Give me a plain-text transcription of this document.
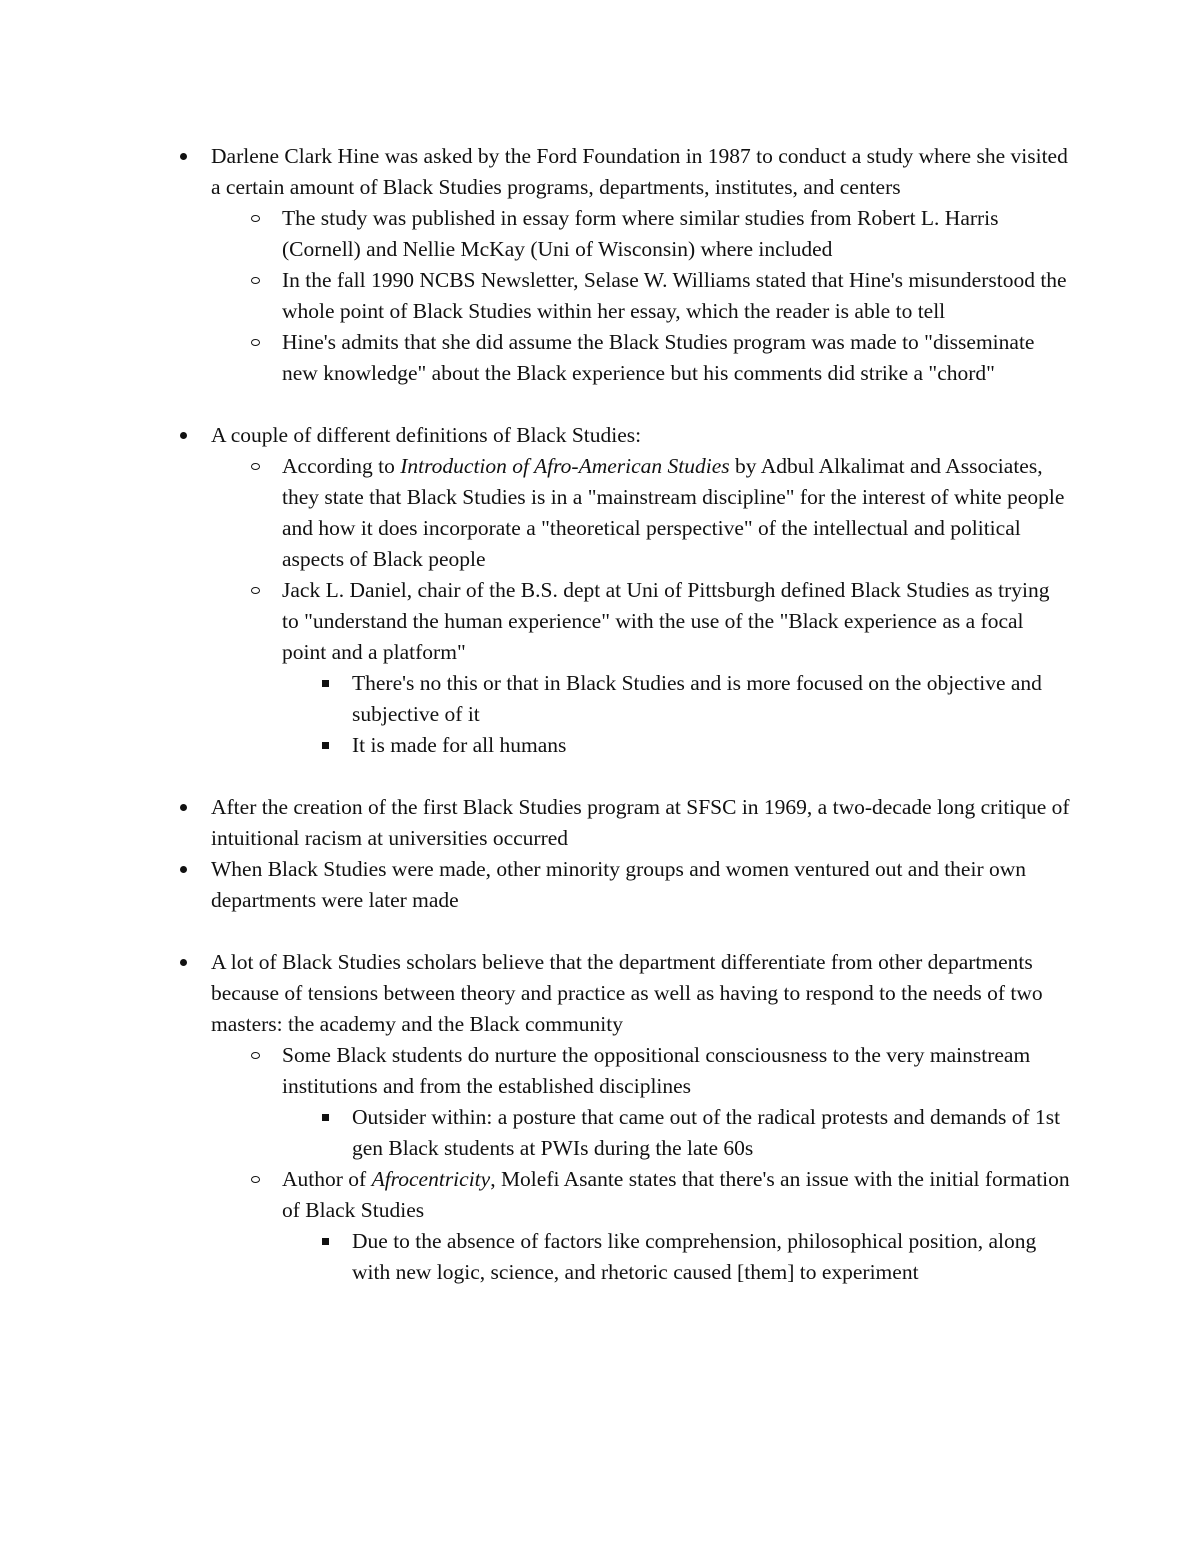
Darlene Clark Hine was asked by the Ford Foundation in 1987 to conduct a study where she visited a certain amount of Black Studies programs, departments, institutes, and centers
The study was published in essay form where similar studies from Robert L. Harris (Cornell) and Nellie McKay (Uni of Wisconsin) where included
In the fall 1990 NCBS Newsletter, Selase W. Williams stated that Hine's misunderstood the whole point of Black Studies within her essay, which the reader is able to tell
Hine's admits that she did assume the Black Studies program was made to "disseminate new knowledge" about the Black experience but his comments did strike a "chord"
A couple of different definitions of Black Studies:
According to Introduction of Afro-American Studies by Adbul Alkalimat and Associates, they state that Black Studies is in a "mainstream discipline" for the interest of white people and how it does incorporate a "theoretical perspective" of the intellectual and political aspects of Black people
Jack L. Daniel, chair of the B.S. dept at Uni of Pittsburgh defined Black Studies as trying to "understand the human experience" with the use of the "Black experience as a focal point and a platform"
There's no this or that in Black Studies and is more focused on the objective and subjective of it
It is made for all humans
After the creation of the first Black Studies program at SFSC in 1969, a two-decade long critique of intuitional racism at universities occurred
When Black Studies were made, other minority groups and women ventured out and their own departments were later made
A lot of Black Studies scholars believe that the department differentiate from other departments because of tensions between theory and practice as well as having to respond to the needs of two masters: the academy and the Black community
Some Black students do nurture the oppositional consciousness to the very mainstream institutions and from the established disciplines
Outsider within: a posture that came out of the radical protests and demands of 1st gen Black students at PWIs during the late 60s
Author of Afrocentricity, Molefi Asante states that there's an issue with the initial formation of Black Studies
Due to the absence of factors like comprehension, philosophical position, along with new logic, science, and rhetoric caused [them] to experiment
